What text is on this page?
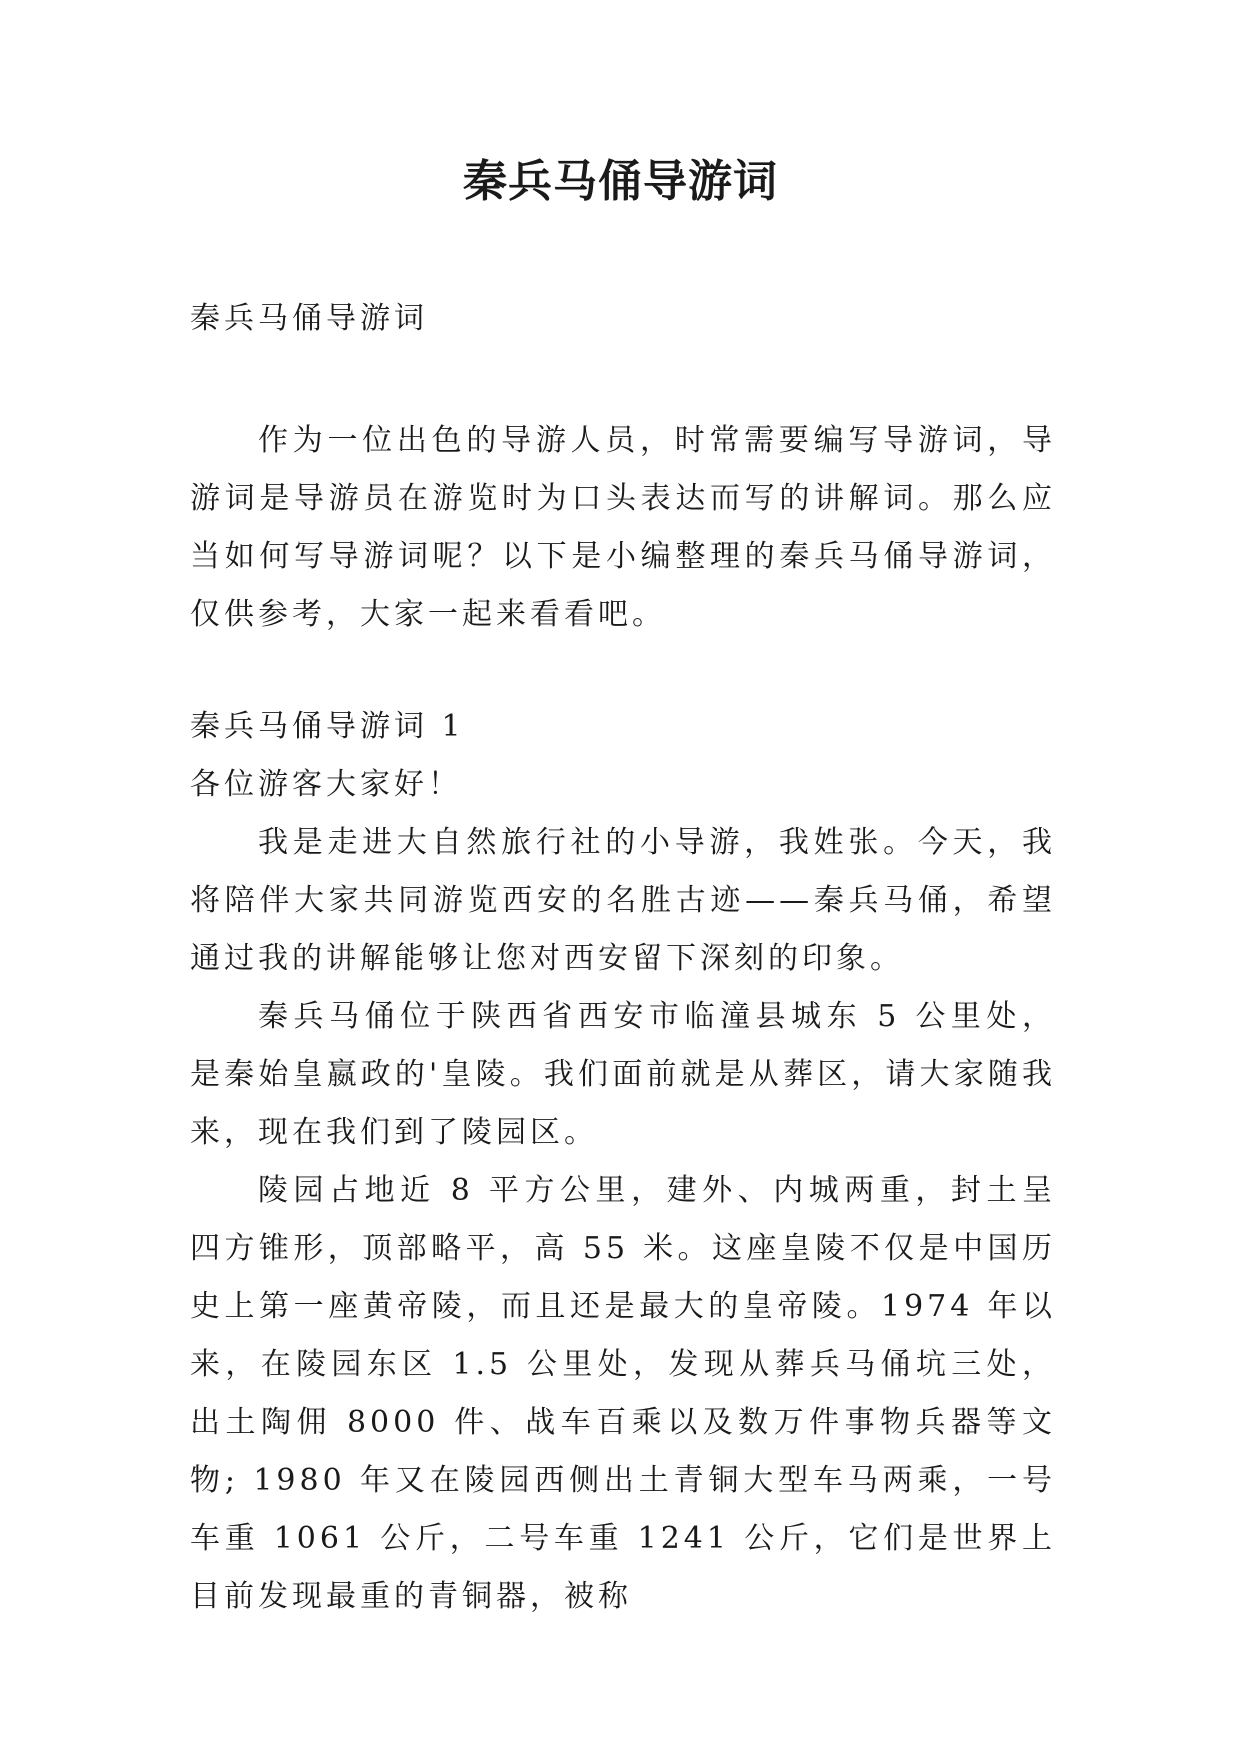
秦兵马俑导游词

秦兵马俑导游词

作为一位出色的导游人员，时常需要编写导游词，导游词是导游员在游览时为口头表达而写的讲解词。那么应当如何写导游词呢？以下是小编整理的秦兵马俑导游词，仅供参考，大家一起来看看吧。

秦兵马俑导游词 1

各位游客大家好！

我是走进大自然旅行社的小导游，我姓张。今天，我将陪伴大家共同游览西安的名胜古迹——秦兵马俑，希望通过我的讲解能够让您对西安留下深刻的印象。

秦兵马俑位于陕西省西安市临潼县城东 5 公里处，是秦始皇嬴政的'皇陵。我们面前就是从葬区，请大家随我来，现在我们到了陵园区。

陵园占地近 8 平方公里，建外、内城两重，封土呈四方锥形，顶部略平，高 55 米。这座皇陵不仅是中国历史上第一座黄帝陵，而且还是最大的皇帝陵。1974 年以来，在陵园东区 1.5 公里处，发现从葬兵马俑坑三处，出土陶佣 8000 件、战车百乘以及数万件事物兵器等文物; 1980 年又在陵园西侧出土青铜大型车马两乘，一号车重 1061 公斤，二号车重 1241 公斤，它们是世界上目前发现最重的青铜器，被称
